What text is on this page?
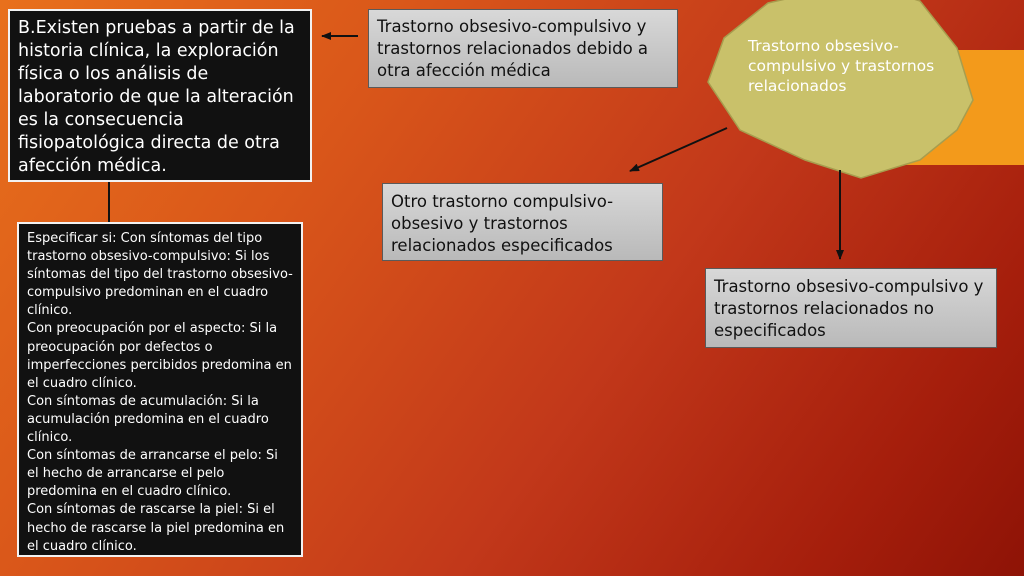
Trastorno obsesivo-compulsivo y trastornos relacionados
B.Existen pruebas a partir de la historia clínica, la exploración física o los análisis de laboratorio de que la alteración es la consecuencia fisiopatológica directa de otra afección médica.
Especificar si: Con síntomas del tipo trastorno obsesivo-compulsivo: Si los síntomas del tipo del trastorno obsesivo-compulsivo predominan en el cuadro clínico.
Con preocupación por el aspecto: Si la preocupación por defectos o imperfecciones percibidos predomina en el cuadro clínico.
Con síntomas de acumulación: Si la acumulación predomina en el cuadro clínico.
Con síntomas de arrancarse el pelo: Si el hecho de arrancarse el pelo predomina en el cuadro clínico.
Con síntomas de rascarse la piel: Si el hecho de rascarse la piel predomina en el cuadro clínico.
Trastorno obsesivo-compulsivo y trastornos relacionados debido a otra afección médica
Otro trastorno compulsivo-obsesivo y trastornos relacionados especificados
Trastorno obsesivo-compulsivo y trastornos relacionados no especificados
